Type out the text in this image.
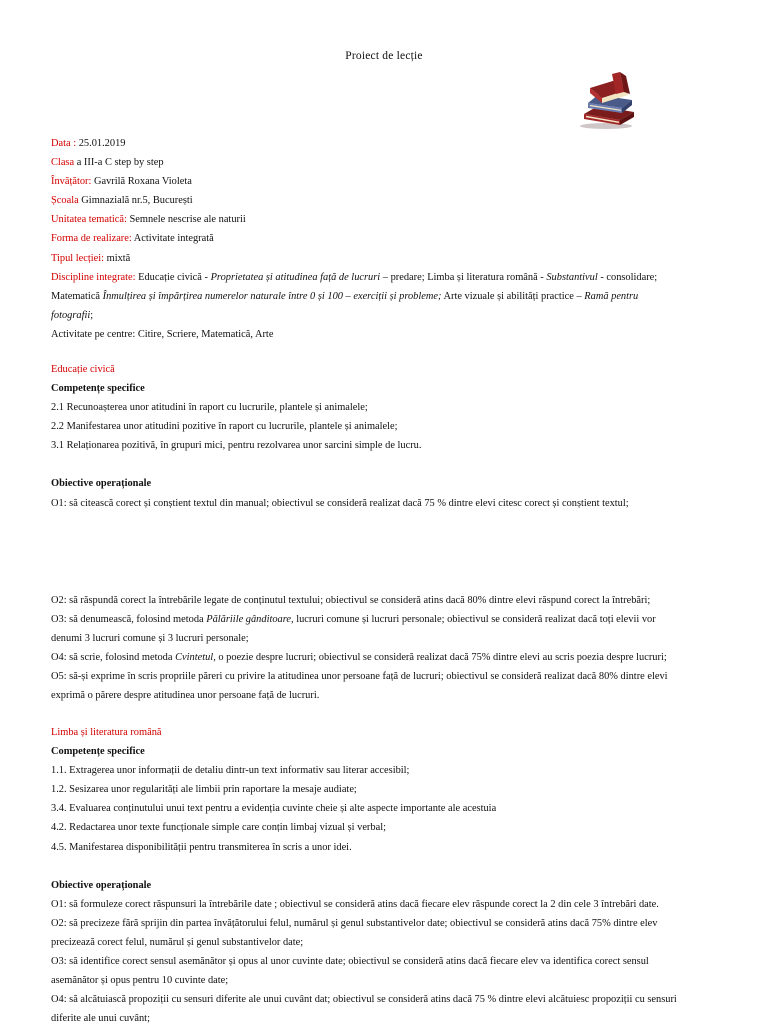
Proiect de lecție
Data : 25.01.2019
Clasa a III-a C step by step
Învățător: Gavrilă Roxana Violeta
Școala Gimnazială nr.5, București
Unitatea tematică: Semnele nescrise ale naturii
Forma de realizare: Activitate integrată
Tipul lecției: mixtă
Discipline integrate: Educație civică - Proprietatea și atitudinea față de lucruri – predare; Limba și literatura română - Substantivul - consolidare;
Matematică Înmulțirea și împărțirea numerelor naturale între 0 și 100 – exerciții și probleme; Arte vizuale și abilități practice – Ramă pentru
fotografii;
Activitate pe centre: Citire, Scriere, Matematică, Arte
Educație civică
Competențe specifice
2.1 Recunoașterea unor atitudini în raport cu lucrurile, plantele și animalele;
2.2 Manifestarea unor atitudini pozitive în raport cu lucrurile, plantele și animalele;
3.1 Relaționarea pozitivă, în grupuri mici, pentru rezolvarea unor sarcini simple de lucru.
Obiective operaționale
O1: să citească corect și conștient textul din manual; obiectivul se consideră realizat dacă 75 % dintre elevi citesc corect și conștient textul;
O2: să răspundă corect la întrebările legate de conținutul textului; obiectivul se consideră atins dacă 80% dintre elevi răspund corect la întrebări;
O3: să denumească, folosind metoda Pălăriile gânditoare, lucruri comune și lucruri personale; obiectivul se consideră realizat dacă toți elevii vor
denumi 3 lucruri comune și 3 lucruri personale;
O4: să scrie, folosind metoda Cvintetul, o poezie despre lucruri; obiectivul se consideră realizat dacă 75% dintre elevi au scris poezia despre lucruri;
O5: să-și exprime în scris propriile păreri cu privire la atitudinea unor persoane față de lucruri; obiectivul se consideră realizat dacă 80% dintre elevi
exprimă o părere despre atitudinea unor persoane față de lucruri.
Limba și literatura română
Competențe specifice
1.1. Extragerea unor informații de detaliu dintr-un text informativ sau literar accesibil;
1.2. Sesizarea unor regularități ale limbii prin raportare la mesaje audiate;
3.4. Evaluarea conținutului unui text pentru a evidenția cuvinte cheie și alte aspecte importante ale acestuia
4.2. Redactarea unor texte funcționale simple care conțin limbaj vizual și verbal;
4.5. Manifestarea disponibilității pentru transmiterea în scris a unor idei.
Obiective operaționale
O1: să formuleze corect răspunsuri la întrebările date ; obiectivul se consideră atins dacă fiecare elev răspunde corect la 2 din cele 3 întrebări date.
O2: să precizeze fără sprijin din partea învățătorului felul, numărul și genul substantivelor date; obiectivul se consideră atins dacă 75% dintre elev
precizează corect felul, numărul și genul substantivelor date;
O3: să identifice corect sensul asemănător și opus al unor cuvinte date; obiectivul se consideră atins dacă fiecare elev va identifica corect sensul
asemănător și opus pentru 10 cuvinte date;
O4: să alcătuiască propoziții cu sensuri diferite ale unui cuvânt dat; obiectivul se consideră atins dacă 75 % dintre elevi alcătuiesc propoziții cu sensuri
diferite ale unui cuvânt;
